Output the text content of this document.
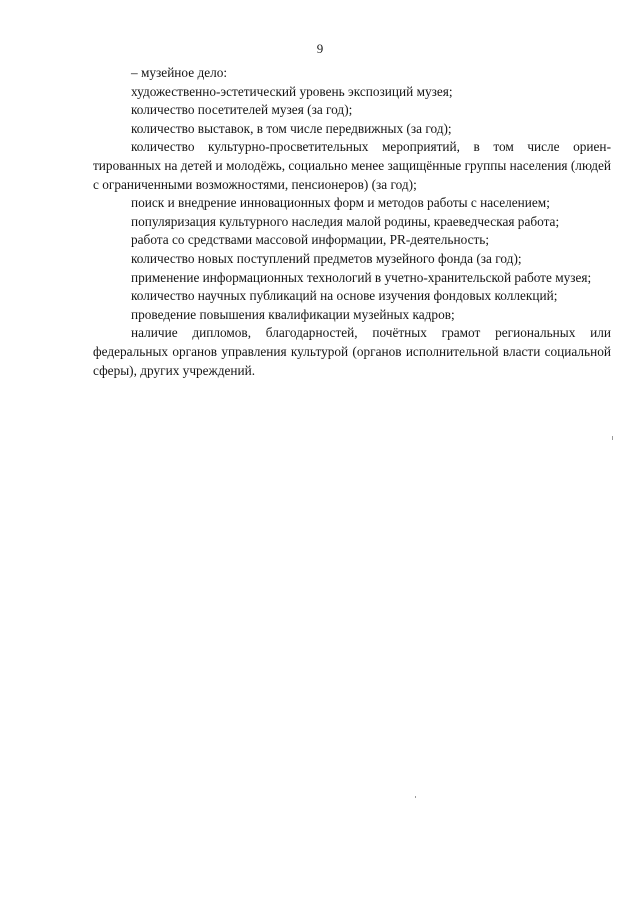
9

– музейное дело:

художественно-эстетический уровень экспозиций музея;

количество посетителей музея (за год);

количество выставок, в том числе передвижных (за год);

количество культурно-просветительных мероприятий, в том числе ориентированных на детей и молодёжь, социально менее защищённые группы населения (людей с ограниченными возможностями, пенсионеров) (за год);

поиск и внедрение инновационных форм и методов работы с населением;

популяризация культурного наследия малой родины, краеведческая работа;

работа со средствами массовой информации, PR-деятельность;

количество новых поступлений предметов музейного фонда (за год);

применение информационных технологий в учетно-хранительской работе музея;

количество научных публикаций на основе изучения фондовых коллекций;

проведение повышения квалификации музейных кадров;

наличие дипломов, благодарностей, почётных грамот региональных или федеральных органов управления культурой (органов исполнительной власти социальной сферы), других учреждений.
